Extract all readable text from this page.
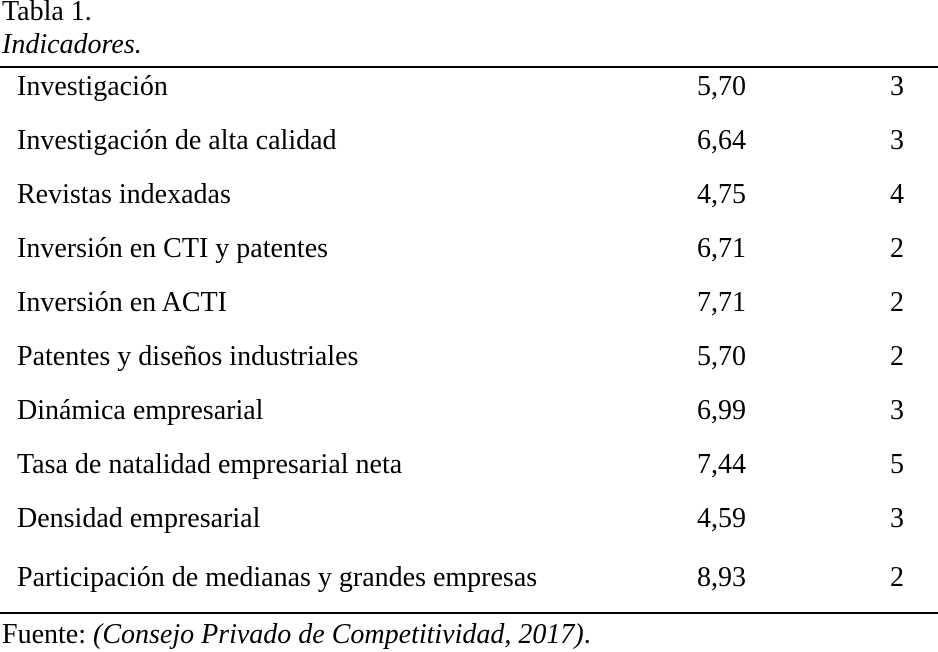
Tabla 1.
Indicadores.
Investigación	5,70	3
Investigación de alta calidad	6,64	3
Revistas indexadas	4,75	4
Inversión en CTI y patentes	6,71	2
Inversión en ACTI	7,71	2
Patentes y diseños industriales	5,70	2
Dinámica empresarial	6,99	3
Tasa de natalidad empresarial neta	7,44	5
Densidad empresarial	4,59	3
Participación de medianas y grandes empresas	8,93	2
Fuente: (Consejo Privado de Competitividad, 2017).
